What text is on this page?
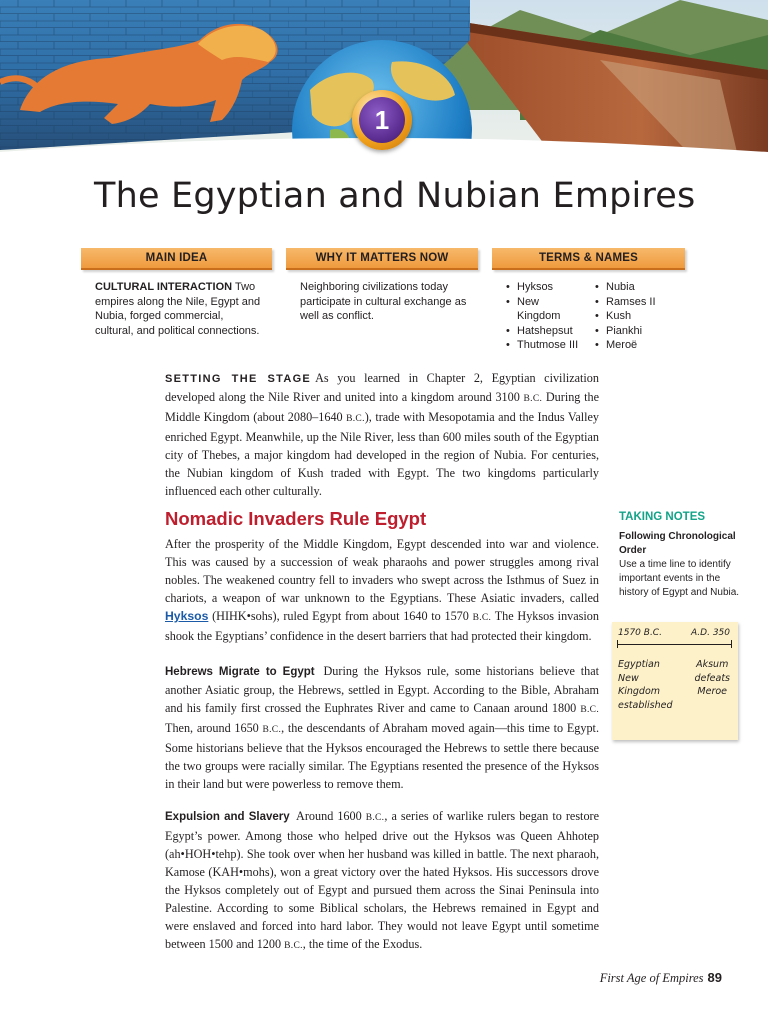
1
The Egyptian and Nubian Empires
MAIN IDEA	WHY IT MATTERS NOW	TERMS & NAMES
CULTURAL INTERACTION Two empires along the Nile, Egypt and Nubia, forged commercial, cultural, and political connections.
Neighboring civilizations today participate in cultural exchange as well as conflict.
• Hyksos
• New Kingdom
• Hatshepsut
• Thutmose III
• Nubia
• Ramses II
• Kush
• Piankhi
• Meroë

SETTING THE STAGE As you learned in Chapter 2, Egyptian civilization developed along the Nile River and united into a kingdom around 3100 B.C. During the Middle Kingdom (about 2080–1640 B.C.), trade with Mesopotamia and the Indus Valley enriched Egypt. Meanwhile, up the Nile River, less than 600 miles south of the Egyptian city of Thebes, a major kingdom had developed in the region of Nubia. For centuries, the Nubian kingdom of Kush traded with Egypt. The two kingdoms particularly influenced each other culturally.

Nomadic Invaders Rule Egypt

After the prosperity of the Middle Kingdom, Egypt descended into war and violence. This was caused by a succession of weak pharaohs and power struggles among rival nobles. The weakened country fell to invaders who swept across the Isthmus of Suez in chariots, a weapon of war unknown to the Egyptians. These Asiatic invaders, called Hyksos (HIHK•sohs), ruled Egypt from about 1640 to 1570 B.C. The Hyksos invasion shook the Egyptians’ confidence in the desert barriers that had protected their kingdom.

Hebrews Migrate to Egypt During the Hyksos rule, some historians believe that another Asiatic group, the Hebrews, settled in Egypt. According to the Bible, Abraham and his family first crossed the Euphrates River and came to Canaan around 1800 B.C. Then, around 1650 B.C., the descendants of Abraham moved again—this time to Egypt. Some historians believe that the Hyksos encouraged the Hebrews to settle there because the two groups were racially similar. The Egyptians resented the presence of the Hyksos in their land but were powerless to remove them.

Expulsion and Slavery Around 1600 B.C., a series of warlike rulers began to restore Egypt’s power. Among those who helped drive out the Hyksos was Queen Ahhotep (ah•HOH•tehp). She took over when her husband was killed in battle. The next pharaoh, Kamose (KAH•mohs), won a great victory over the hated Hyksos. His successors drove the Hyksos completely out of Egypt and pursued them across the Sinai Peninsula into Palestine. According to some Biblical scholars, the Hebrews remained in Egypt and were enslaved and forced into hard labor. They would not leave Egypt until sometime between 1500 and 1200 B.C., the time of the Exodus.

TAKING NOTES
Following Chronological Order
Use a time line to identify important events in the history of Egypt and Nubia.
1570 B.C.	A.D. 350
Egyptian
New
Kingdom
established
Aksum
defeats
Meroe
First Age of Empires 89
